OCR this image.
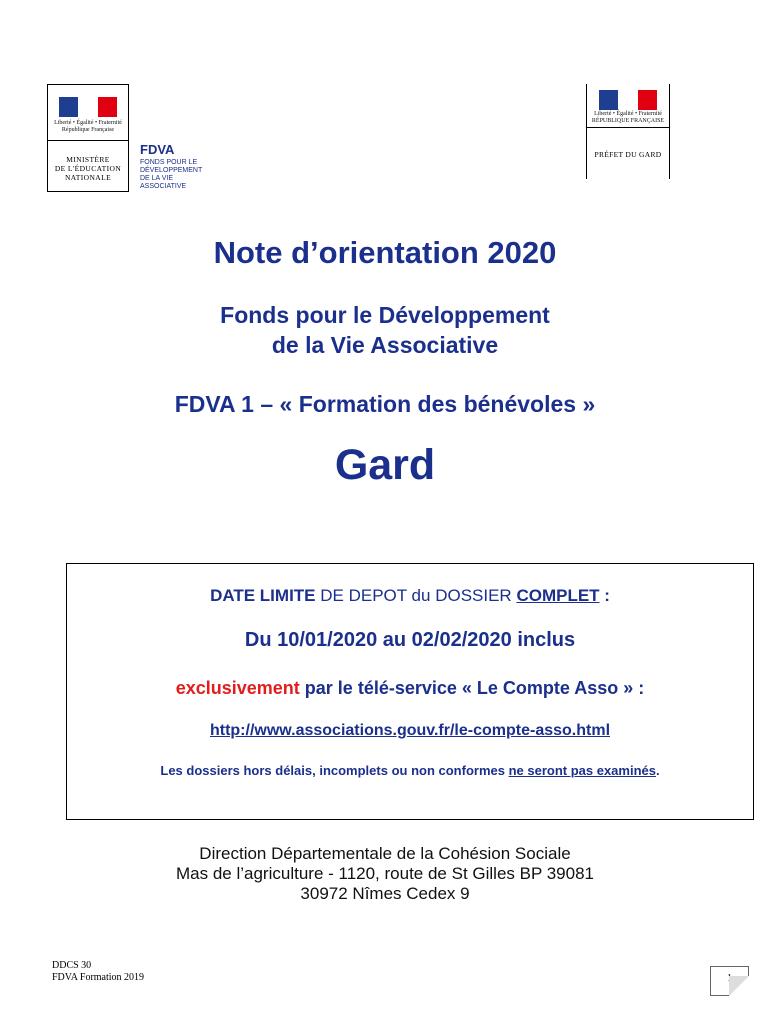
Liberté • Égalité • Fraternité
République Française
MINISTÈRE
DE L'ÉDUCATION
NATIONALE
FDVA
FONDS POUR LE
DÉVELOPPEMENT
DE LA VIE
ASSOCIATIVE
Liberté • Égalité • Fraternité
RÉPUBLIQUE FRANÇAISE
PRÉFET DU GARD
Note d’orientation 2020
Fonds pour le Développement
de la Vie Associative
FDVA 1 – « Formation des bénévoles »
Gard
DATE LIMITE DE DEPOT du DOSSIER COMPLET :
Du 10/01/2020 au 02/02/2020 inclus
exclusivement par le télé-service « Le Compte Asso » :
http://www.associations.gouv.fr/le-compte-asso.html
Les dossiers hors délais, incomplets ou non conformes ne seront pas examinés.
Direction Départementale de la Cohésion Sociale
Mas de l’agriculture - 1120, route de St Gilles BP 39081
30972 Nîmes Cedex 9
DDCS 30
FDVA Formation 2019	1
